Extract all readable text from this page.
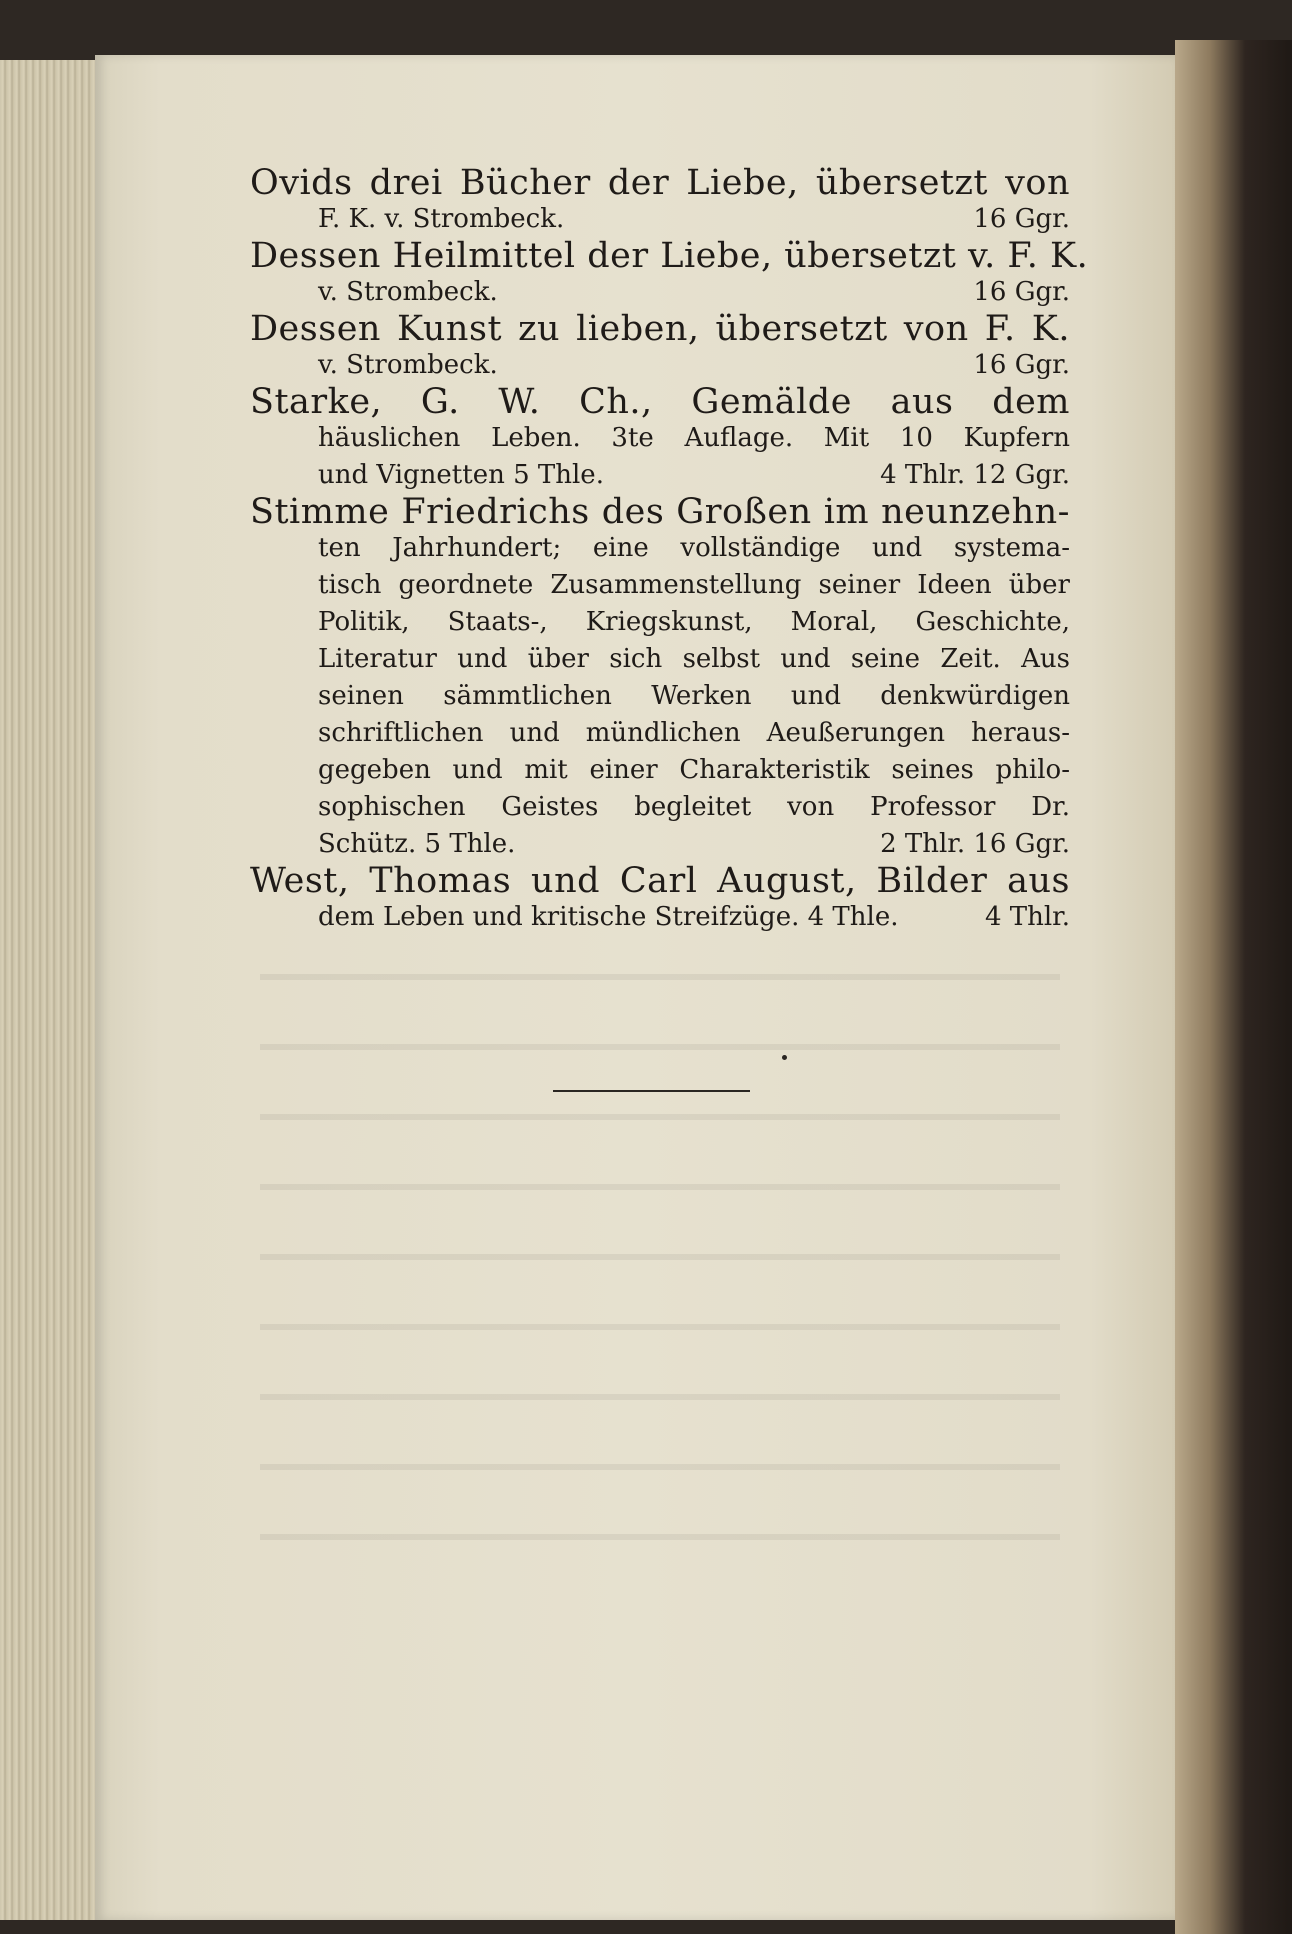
Ovids drei Bücher der Liebe, übersetzt von
F. K. v. Strombeck.	16 Ggr.
Dessen Heilmittel der Liebe, übersetzt v. F. K.
v. Strombeck.	16 Ggr.
Dessen Kunst zu lieben, übersetzt von F. K.
v. Strombeck.	16 Ggr.
Starke, G. W. Ch., Gemälde aus dem
häuslichen Leben. 3te Auflage. Mit 10 Kupfern
und Vignetten 5 Thle.	4 Thlr. 12 Ggr.
Stimme Friedrichs des Großen im neunzehn-
ten Jahrhundert; eine vollständige und systema-
tisch geordnete Zusammenstellung seiner Ideen über
Politik, Staats-, Kriegskunst, Moral, Geschichte,
Literatur und über sich selbst und seine Zeit. Aus
seinen sämmtlichen Werken und denkwürdigen
schriftlichen und mündlichen Aeußerungen heraus-
gegeben und mit einer Charakteristik seines philo-
sophischen Geistes begleitet von Professor Dr.
Schütz. 5 Thle.	2 Thlr. 16 Ggr.
West, Thomas und Carl August, Bilder aus
dem Leben und kritische Streifzüge. 4 Thle.	4 Thlr.
